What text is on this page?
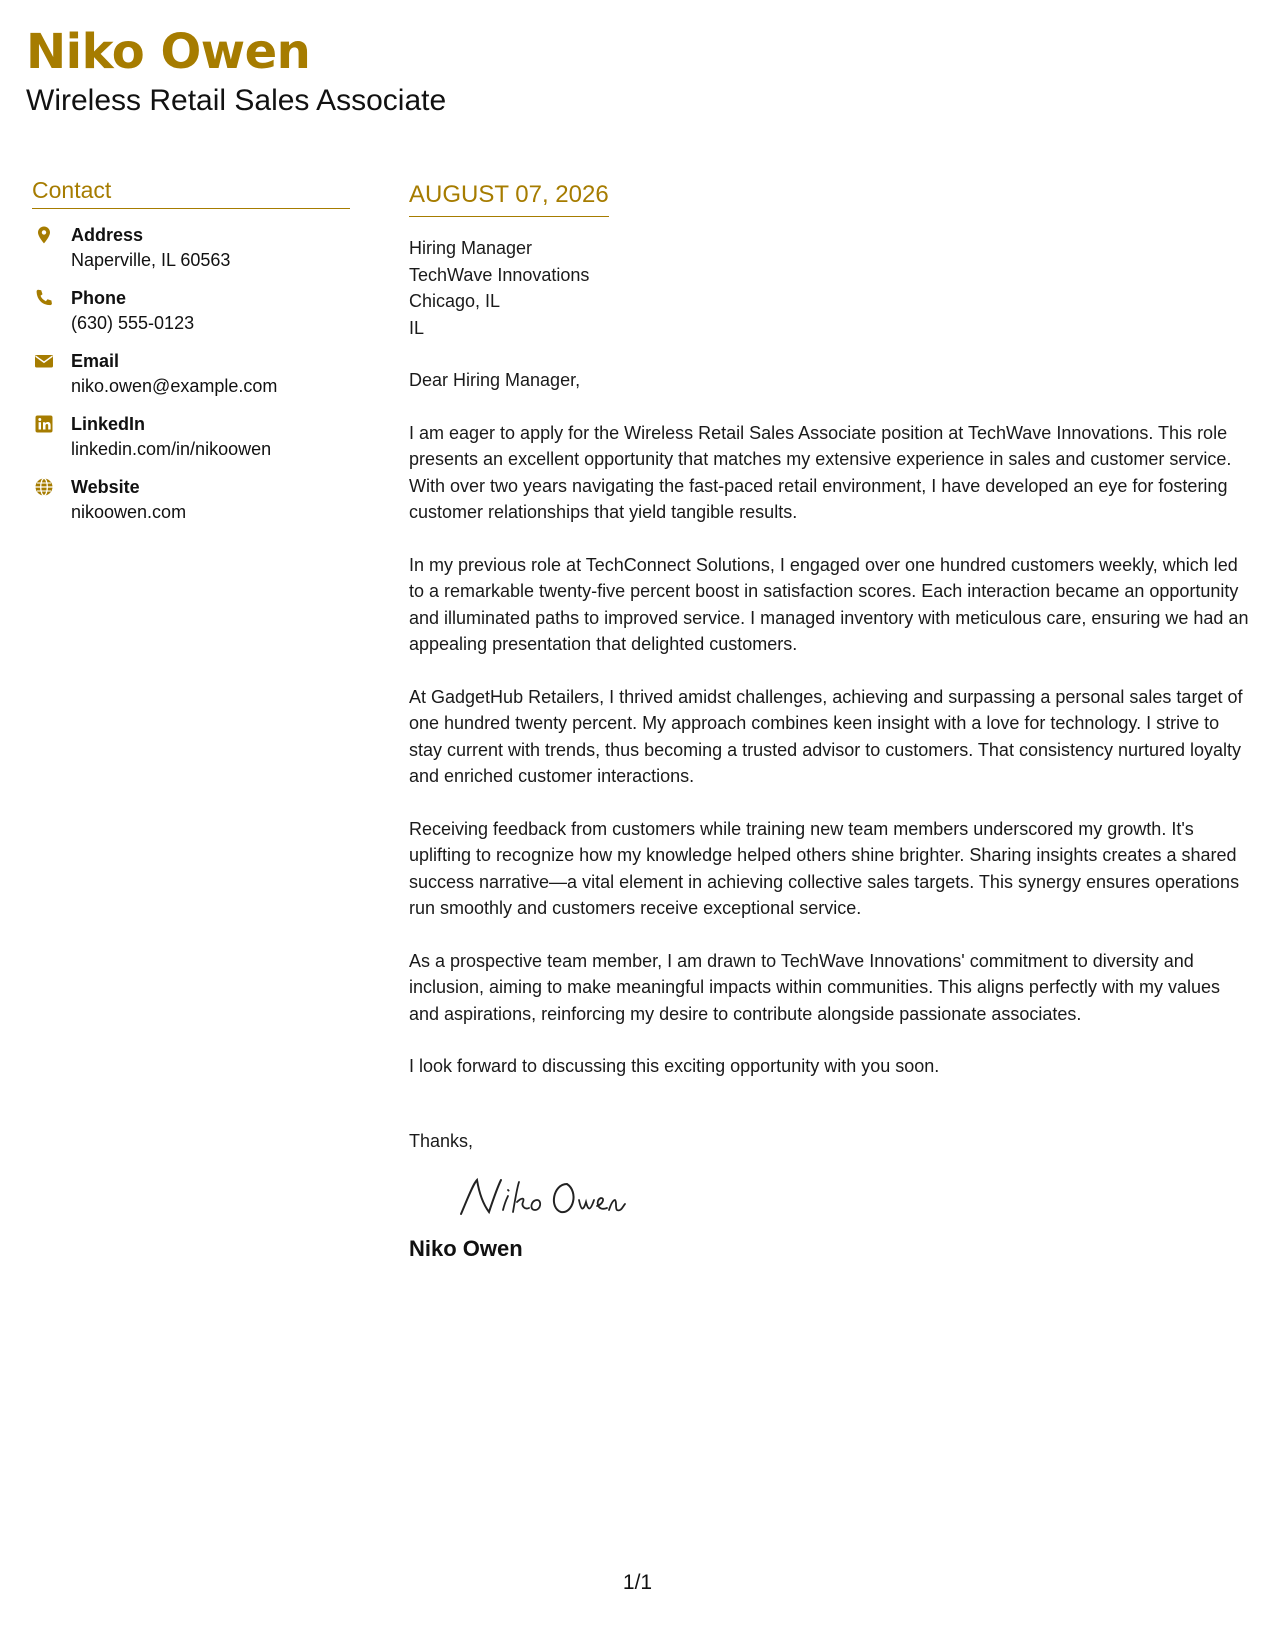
Niko Owen
Wireless Retail Sales Associate
Contact
Address
Naperville, IL 60563
Phone
(630) 555-0123
Email
niko.owen@example.com
LinkedIn
linkedin.com/in/nikoowen
Website
nikoowen.com
AUGUST 07, 2026
Hiring Manager
TechWave Innovations
Chicago, IL
IL

Dear Hiring Manager,

I am eager to apply for the Wireless Retail Sales Associate position at TechWave Innovations. This role presents an excellent opportunity that matches my extensive experience in sales and customer service. With over two years navigating the fast-paced retail environment, I have developed an eye for fostering customer relationships that yield tangible results.

In my previous role at TechConnect Solutions, I engaged over one hundred customers weekly, which led to a remarkable twenty-five percent boost in satisfaction scores. Each interaction became an opportunity and illuminated paths to improved service. I managed inventory with meticulous care, ensuring we had an appealing presentation that delighted customers.

At GadgetHub Retailers, I thrived amidst challenges, achieving and surpassing a personal sales target of one hundred twenty percent. My approach combines keen insight with a love for technology. I strive to stay current with trends, thus becoming a trusted advisor to customers. That consistency nurtured loyalty and enriched customer interactions.

Receiving feedback from customers while training new team members underscored my growth. It's uplifting to recognize how my knowledge helped others shine brighter. Sharing insights creates a shared success narrative—a vital element in achieving collective sales targets. This synergy ensures operations run smoothly and customers receive exceptional service.

As a prospective team member, I am drawn to TechWave Innovations' commitment to diversity and inclusion, aiming to make meaningful impacts within communities. This aligns perfectly with my values and aspirations, reinforcing my desire to contribute alongside passionate associates.

I look forward to discussing this exciting opportunity with you soon.

Thanks,

Niko Owen

1/1
